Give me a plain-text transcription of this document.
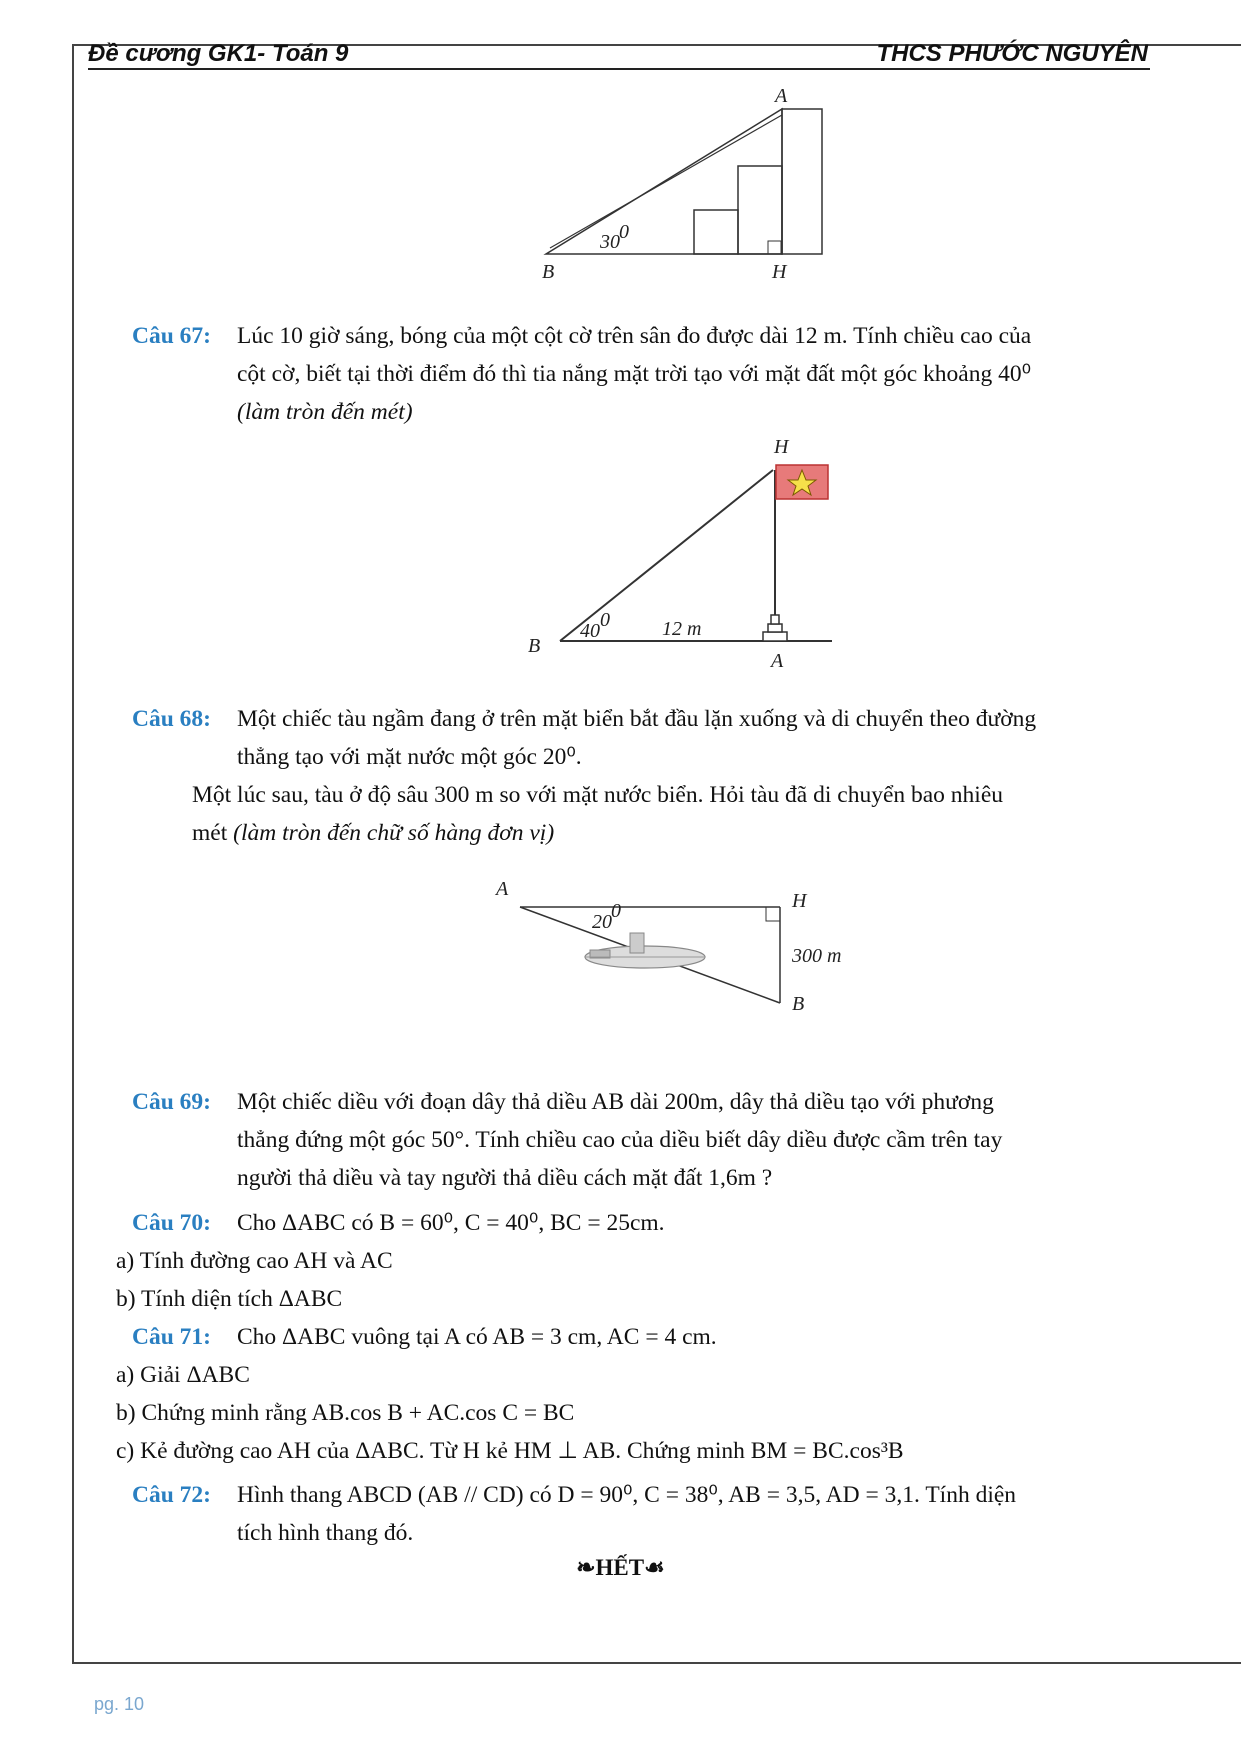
Đề cương GK1- Toán 9	THCS PHƯỚC NGUYÊN
A
B	H
30 0
Câu 67: Lúc 10 giờ sáng, bóng của một cột cờ trên sân đo được dài 12 m. Tính chiều cao của
cột cờ, biết tại thời điểm đó thì tia nắng mặt trời tạo với mặt đất một góc khoảng 40⁰
(làm tròn đến mét)
H
B
A
40 0	12 m
Câu 68: Một chiếc tàu ngầm đang ở trên mặt biển bắt đầu lặn xuống và di chuyển theo đường
thẳng tạo với mặt nước một góc 20⁰.
Một lúc sau, tàu ở độ sâu 300 m so với mặt nước biển. Hỏi tàu đã di chuyển bao nhiêu
mét (làm tròn đến chữ số hàng đơn vị)
A
H
B
300 m
20 0
Câu 69: Một chiếc diều với đoạn dây thả diều AB dài 200m, dây thả diều tạo với phương
thẳng đứng một góc 50°. Tính chiều cao của diều biết dây diều được cầm trên tay
người thả diều và tay người thả diều cách mặt đất 1,6m ?
Câu 70: Cho ΔABC có B = 60⁰, C = 40⁰, BC = 25cm.
a) Tính đường cao AH và AC
b) Tính diện tích ΔABC
Câu 71: Cho ΔABC vuông tại A có AB = 3 cm, AC = 4 cm.
a) Giải ΔABC
b) Chứng minh rằng AB.cos B + AC.cos C = BC
c) Kẻ đường cao AH của ΔABC. Từ H kẻ HM ⊥ AB. Chứng minh BM = BC.cos³B
Câu 72: Hình thang ABCD (AB // CD) có D = 90⁰, C = 38⁰, AB = 3,5, AD = 3,1. Tính diện
tích hình thang đó.
❧HẾT☙
pg. 10
